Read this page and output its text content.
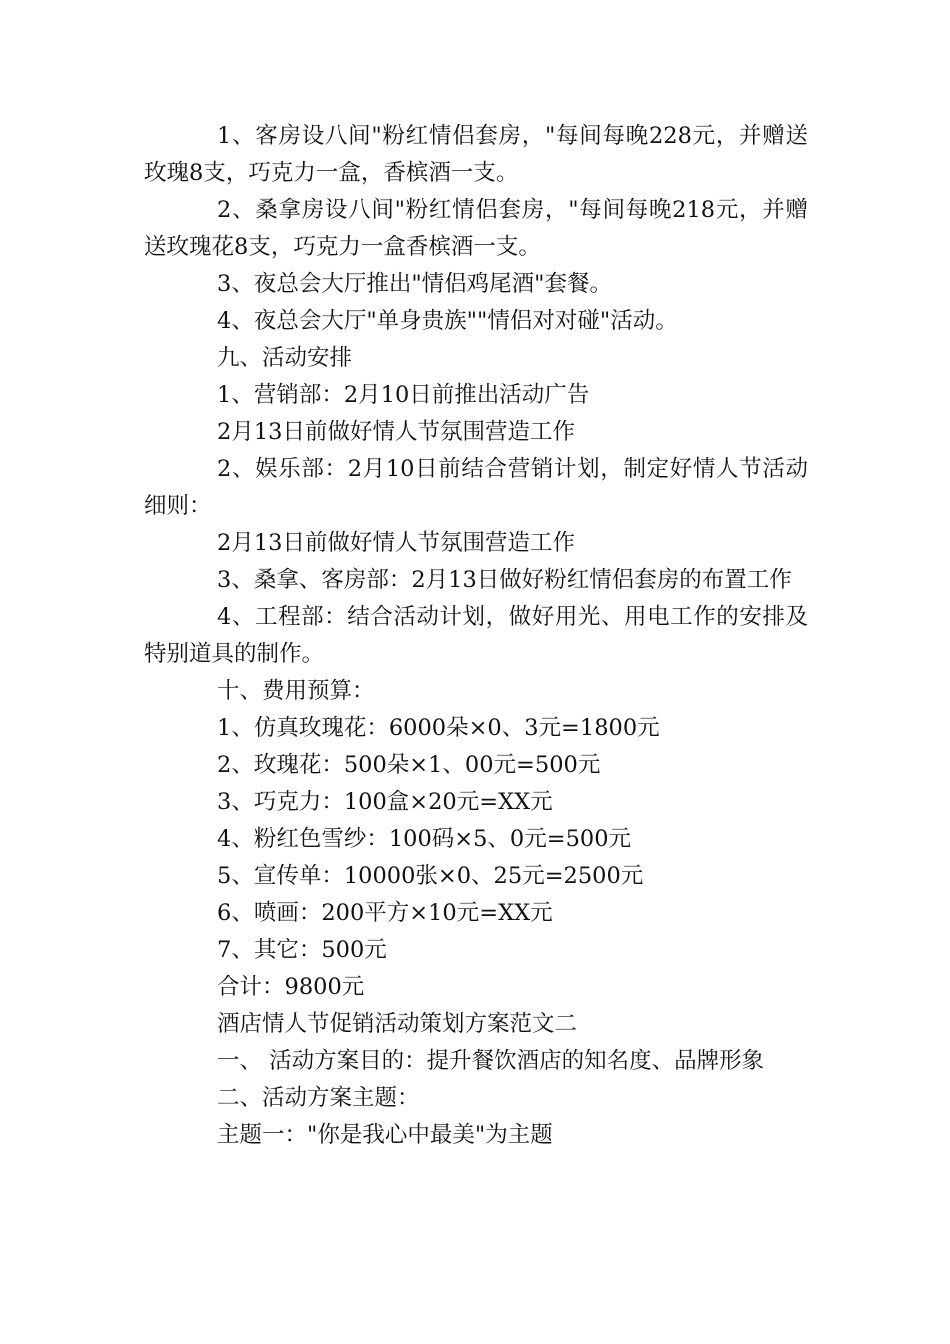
1、客房设八间"粉红情侣套房，"每间每晚228元，并赠送玫瑰8支，巧克力一盒，香槟酒一支。

2、桑拿房设八间"粉红情侣套房，"每间每晚218元，并赠送玫瑰花8支，巧克力一盒香槟酒一支。

3、夜总会大厅推出"情侣鸡尾酒"套餐。

4、夜总会大厅"单身贵族""情侣对对碰"活动。

九、活动安排

1、营销部：2月10日前推出活动广告

2月13日前做好情人节氛围营造工作

2、娱乐部：2月10日前结合营销计划，制定好情人节活动细则：

2月13日前做好情人节氛围营造工作

3、桑拿、客房部：2月13日做好粉红情侣套房的布置工作

4、工程部：结合活动计划，做好用光、用电工作的安排及特别道具的制作。

十、费用预算：

1、仿真玫瑰花：6000朵×0、3元=1800元

2、玫瑰花：500朵×1、00元=500元

3、巧克力：100盒×20元=XX元

4、粉红色雪纱：100码×5、0元=500元

5、宣传单：10000张×0、25元=2500元

6、喷画：200平方×10元=XX元

7、其它：500元

合计：9800元

酒店情人节促销活动策划方案范文二

一、 活动方案目的：提升餐饮酒店的知名度、品牌形象

二、活动方案主题：

主题一："你是我心中最美"为主题
